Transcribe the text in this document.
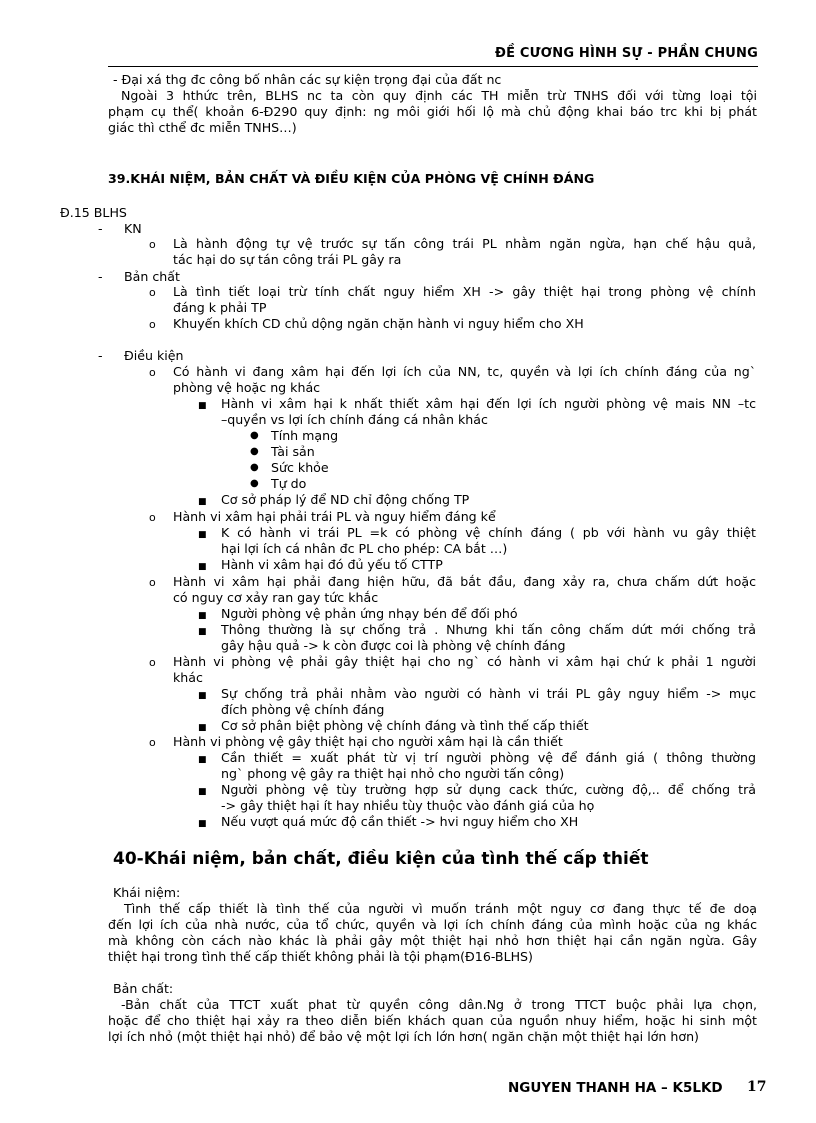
ĐỀ CƯƠNG HÌNH SỰ - PHẦN CHUNG
- Đại xá thg đc công bố nhân các sự kiện trọng đại của đất nc
Ngoài 3 hthức trên, BLHS nc ta còn quy định các TH miễn trừ TNHS đối với từng loại tội
phạm cụ thể( khoản 6-Đ290 quy định: ng môi giới hối lộ mà chủ động khai báo trc khi bị phát
giác thì cthể đc miễn TNHS…)
39.KHÁI NIỆM, BẢN CHẤT VÀ ĐIỀU KIỆN CỦA PHÒNG VỆ CHÍNH ĐÁNG
Đ.15 BLHS
- KN
o Là hành động tự vệ trước sự tấn công trái PL nhằm ngăn ngừa, hạn chế hậu quả,
tác hại do sự tán công trái PL gây ra
- Bản chất
o Là tình tiết loại trừ tính chất nguy hiểm XH -> gây thiệt hại trong phòng vệ chính
đáng k phải TP
o Khuyến khích CD chủ dộng ngăn chặn hành vi nguy hiểm cho XH
- Điều kiện
o Có hành vi đang xâm hại đến lợi ích của NN, tc, quyền và lợi ích chính đáng của ng`
phòng vệ hoặc ng khác
■ Hành vi xâm hại k nhất thiết xâm hại đến lợi ích người phòng vệ mais NN –tc
–quyền vs lợi ích chính đáng cá nhân khác
● Tính mạng
● Tài sản
● Sức khỏe
● Tự do
■ Cơ sở pháp lý để ND chỉ động chống TP
o Hành vi xâm hại phải trái PL và nguy hiểm đáng kể
■ K có hành vi trái PL =k có phòng vệ chính đáng ( pb với hành vu gây thiệt
hại lợi ích cá nhân đc PL cho phép: CA bắt …)
■ Hành vi xâm hại đó đủ yếu tố CTTP
o Hành vi xâm hại phải đang hiện hữu, đã bắt đầu, đang xảy ra, chưa chấm dứt hoặc
có nguy cơ xảy ran gay tức khắc
■ Người phòng vệ phản ứng nhạy bén để đối phó
■ Thông thường là sự chống trả . Nhưng khi tấn công chấm dứt mới chống trả
gây hậu quả -> k còn được coi là phòng vệ chính đáng
o Hành vi phòng vệ phải gây thiệt hại cho ng` có hành vi xâm hại chứ k phải 1 người
khác
■ Sự chống trả phải nhằm vào người có hành vi trái PL gây nguy hiểm -> mục
đích phòng vệ chính đáng
■ Cơ sở phân biệt phòng vệ chính đáng và tình thế cấp thiết
o Hành vi phòng vệ gây thiệt hại cho người xâm hại là cần thiết
■ Cần thiết = xuất phát từ vị trí người phòng vệ để đánh giá ( thông thường
ng` phong vệ gây ra thiệt hại nhỏ cho người tấn công)
■ Người phòng vệ tùy trường hợp sử dụng cack thức, cường độ,.. để chống trả
-> gây thiệt hại ít hay nhiều tùy thuộc vào đánh giá của họ
■ Nếu vượt quá mức độ cần thiết -> hvi nguy hiểm cho XH
40-Khái niệm, bản chất, điều kiện của tình thế cấp thiết
Khái niệm:
Tình thế cấp thiết là tình thế của người vì muốn tránh một nguy cơ đang thực tế đe doạ
đến lợi ích của nhà nước, của tổ chức, quyền và lợi ích chính đáng của mình hoặc của ng khác
mà không còn cách nào khác là phải gây một thiệt hại nhỏ hơn thiệt hại cần ngăn ngừa. Gây
thiệt hại trong tình thế cấp thiết không phải là tội phạm(Đ16-BLHS)
Bản chất:
-Bản chất của TTCT xuất phat từ quyền công dân.Ng ở trong TTCT buộc phải lựa chọn,
hoặc để cho thiệt hại xảy ra theo diễn biến khách quan của nguồn nhuy hiểm, hoặc hi sinh một
lợi ích nhỏ (một thiệt hại nhỏ) để bảo vệ một lợi ích lớn hơn( ngăn chặn một thiệt hại lớn hơn)
NGUYEN THANH HA – K5LKD 17
